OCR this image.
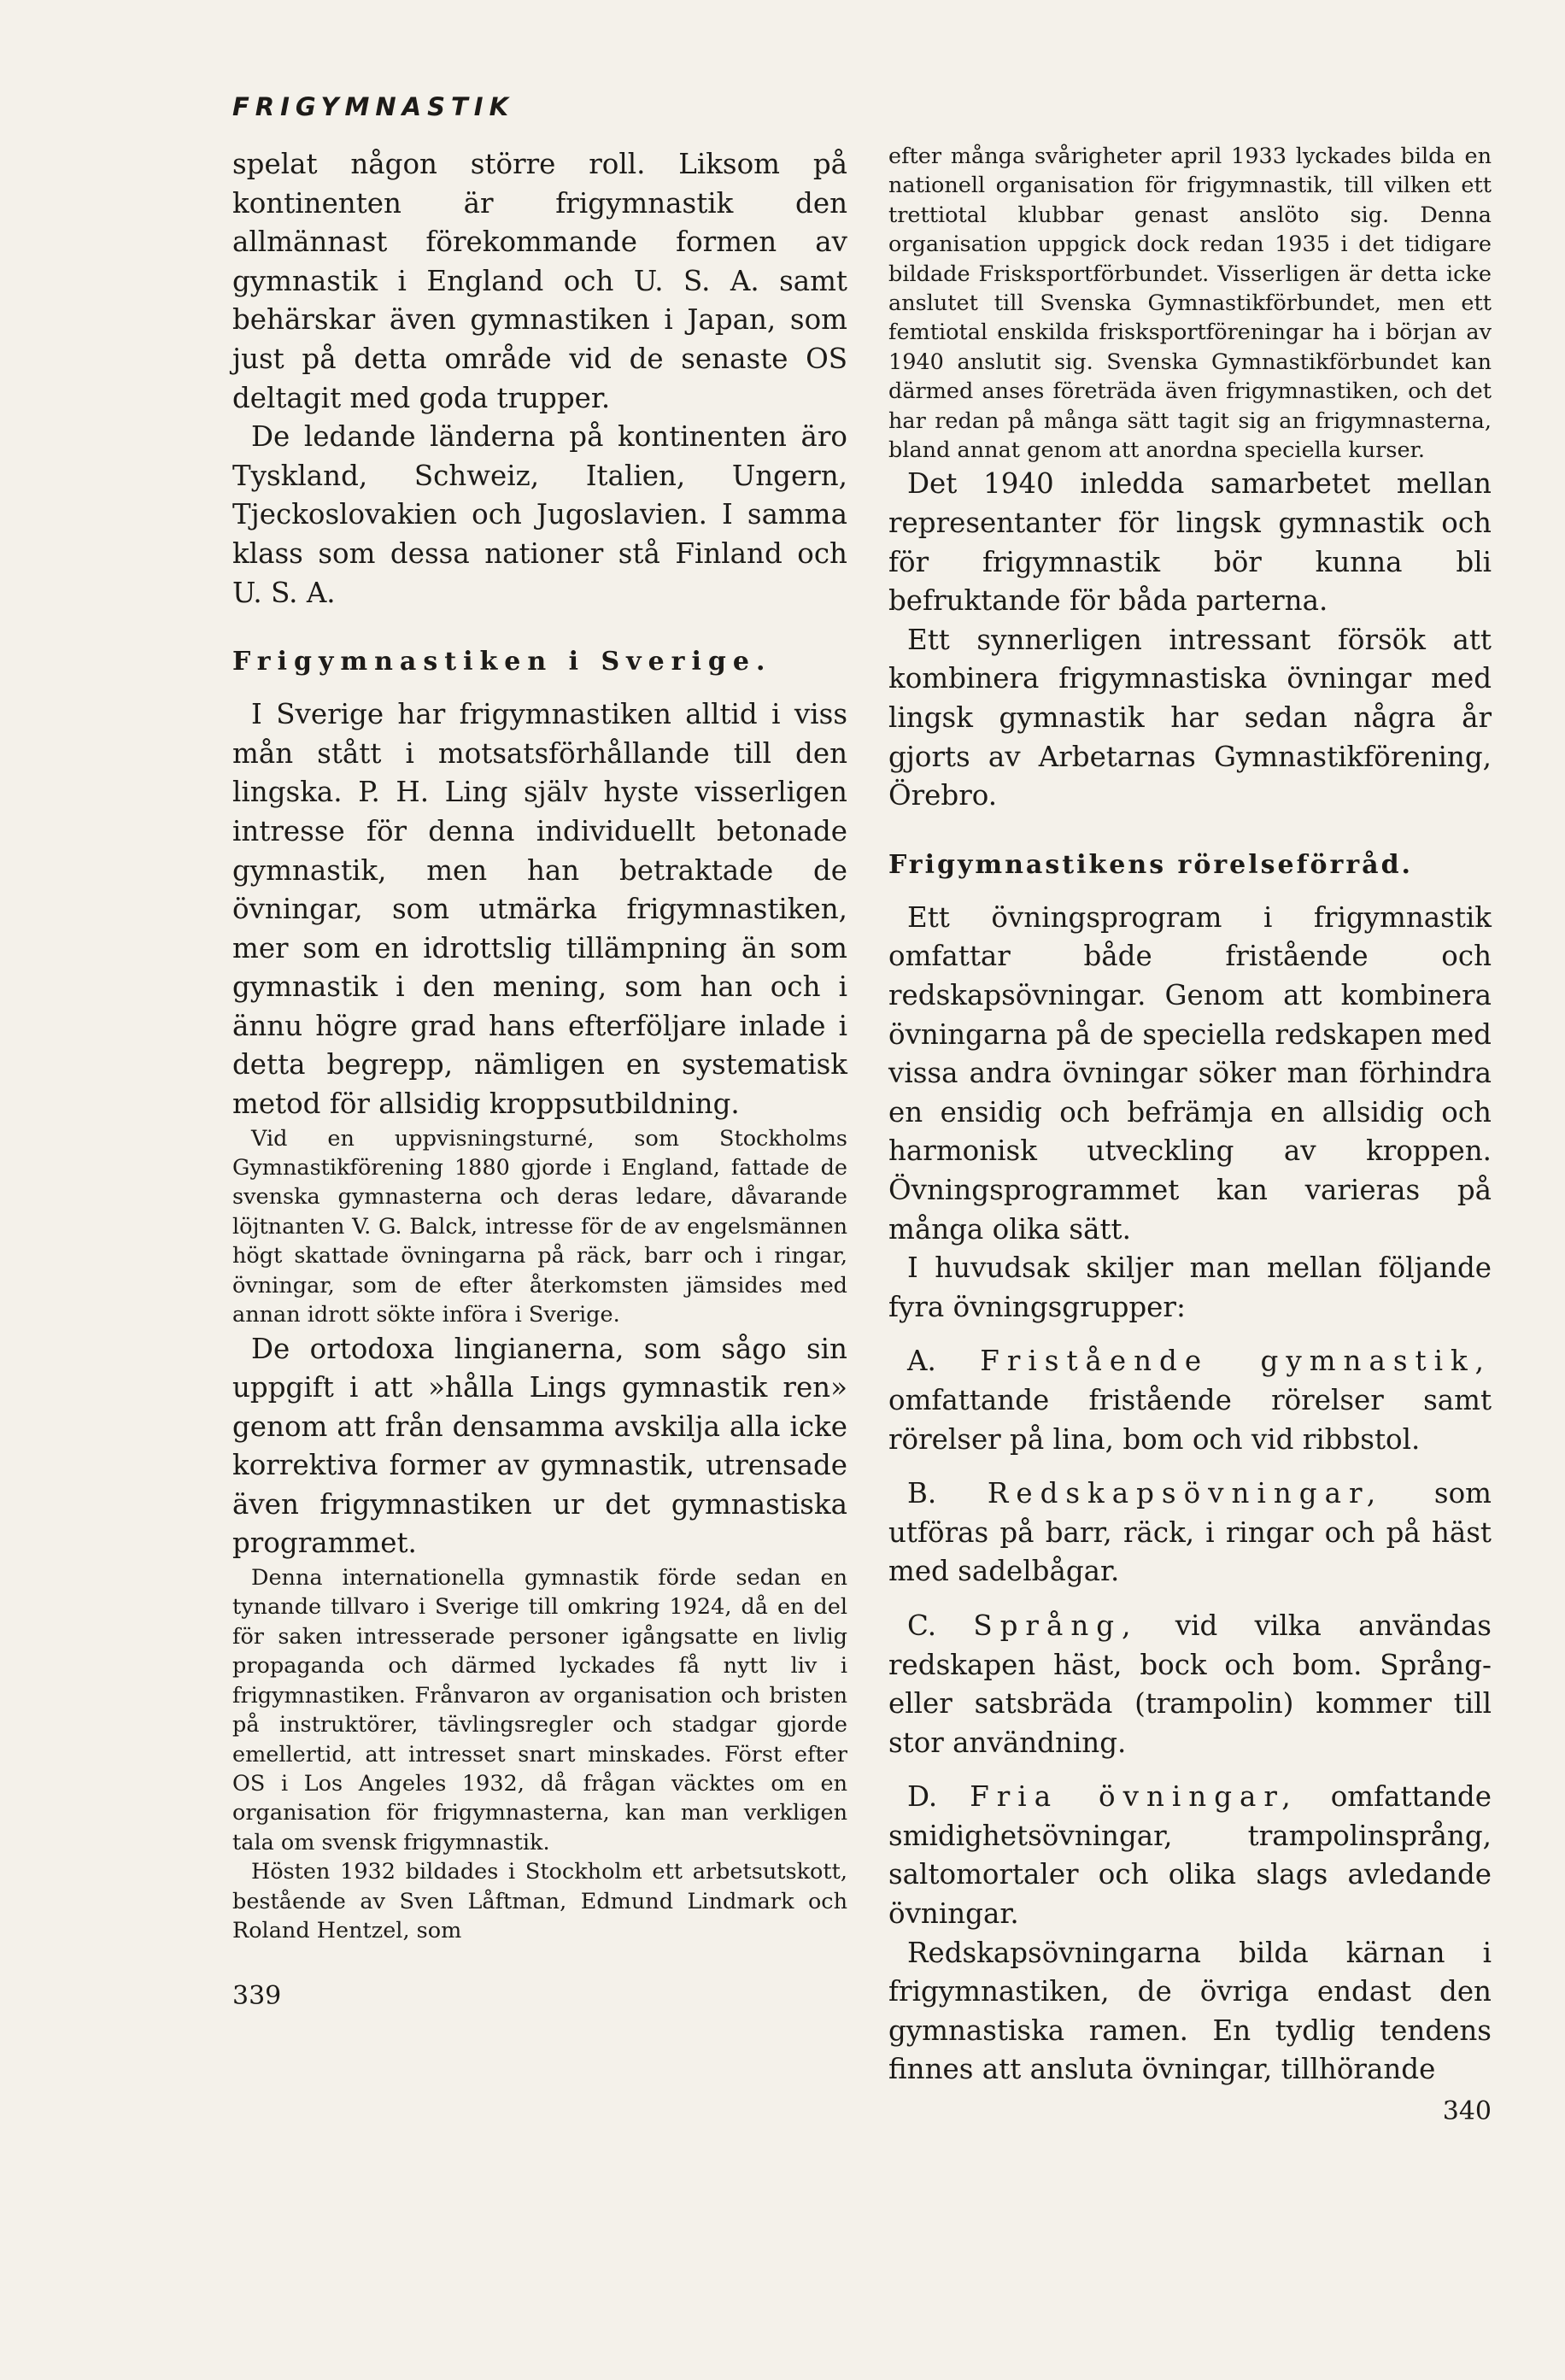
FRIGYMNASTIK

spelat någon större roll. Liksom på kontinenten är frigymnastik den allmännast förekommande formen av gymnastik i England och U. S. A. samt behärskar även gymnastiken i Japan, som just på detta område vid de senaste OS deltagit med goda trupper.

De ledande länderna på kontinenten äro Tyskland, Schweiz, Italien, Ungern, Tjeckoslovakien och Jugoslavien. I samma klass som dessa nationer stå Finland och U. S. A.

Frigymnastiken i Sverige.

I Sverige har frigymnastiken alltid i viss mån stått i motsatsförhållande till den lingska. P. H. Ling själv hyste visserligen intresse för denna individuellt betonade gymnastik, men han betraktade de övningar, som utmärka frigymnastiken, mer som en idrottslig tillämpning än som gymnastik i den mening, som han och i ännu högre grad hans efterföljare inlade i detta begrepp, nämligen en systematisk metod för allsidig kroppsutbildning.

Vid en uppvisningsturné, som Stockholms Gymnastikförening 1880 gjorde i England, fattade de svenska gymnasterna och deras ledare, dåvarande löjtnanten V. G. Balck, intresse för de av engelsmännen högt skattade övningarna på räck, barr och i ringar, övningar, som de efter återkomsten jämsides med annan idrott sökte införa i Sverige.

De ortodoxa lingianerna, som sågo sin uppgift i att »hålla Lings gymnastik ren» genom att från densamma avskilja alla icke korrektiva former av gymnastik, utrensade även frigymnastiken ur det gymnastiska programmet.

Denna internationella gymnastik förde sedan en tynande tillvaro i Sverige till omkring 1924, då en del för saken intresserade personer igångsatte en livlig propaganda och därmed lyckades få nytt liv i frigymnastiken. Frånvaron av organisation och bristen på instruktörer, tävlingsregler och stadgar gjorde emellertid, att intresset snart minskades. Först efter OS i Los Angeles 1932, då frågan väcktes om en organisation för frigymnasterna, kan man verkligen tala om svensk frigymnastik.

Hösten 1932 bildades i Stockholm ett arbetsutskott, bestående av Sven Låftman, Edmund Lindmark och Roland Hentzel, som

339

efter många svårigheter april 1933 lyckades bilda en nationell organisation för frigymnastik, till vilken ett trettiotal klubbar genast anslöto sig. Denna organisation uppgick dock redan 1935 i det tidigare bildade Frisksportförbundet. Visserligen är detta icke anslutet till Svenska Gymnastikförbundet, men ett femtiotal enskilda frisksportföreningar ha i början av 1940 anslutit sig. Svenska Gymnastikförbundet kan därmed anses företräda även frigymnastiken, och det har redan på många sätt tagit sig an frigymnasterna, bland annat genom att anordna speciella kurser.

Det 1940 inledda samarbetet mellan representanter för lingsk gymnastik och för frigymnastik bör kunna bli befruktande för båda parterna.

Ett synnerligen intressant försök att kombinera frigymnastiska övningar med lingsk gymnastik har sedan några år gjorts av Arbetarnas Gymnastikförening, Örebro.

Frigymnastikens rörelseförråd.

Ett övningsprogram i frigymnastik omfattar både fristående och redskapsövningar. Genom att kombinera övningarna på de speciella redskapen med vissa andra övningar söker man förhindra en ensidig och befrämja en allsidig och harmonisk utveckling av kroppen. Övningsprogrammet kan varieras på många olika sätt.

I huvudsak skiljer man mellan följande fyra övningsgrupper:

A. Fristående gymnastik, omfattande fristående rörelser samt rörelser på lina, bom och vid ribbstol.

B. Redskapsövningar, som utföras på barr, räck, i ringar och på häst med sadelbågar.

C. Språng, vid vilka användas redskapen häst, bock och bom. Språng- eller satsbräda (trampolin) kommer till stor användning.

D. Fria övningar, omfattande smidighetsövningar, trampolinsprång, saltomortaler och olika slags avledande övningar.

Redskapsövningarna bilda kärnan i frigymnastiken, de övriga endast den gymnastiska ramen. En tydlig tendens finnes att ansluta övningar, tillhörande

340
